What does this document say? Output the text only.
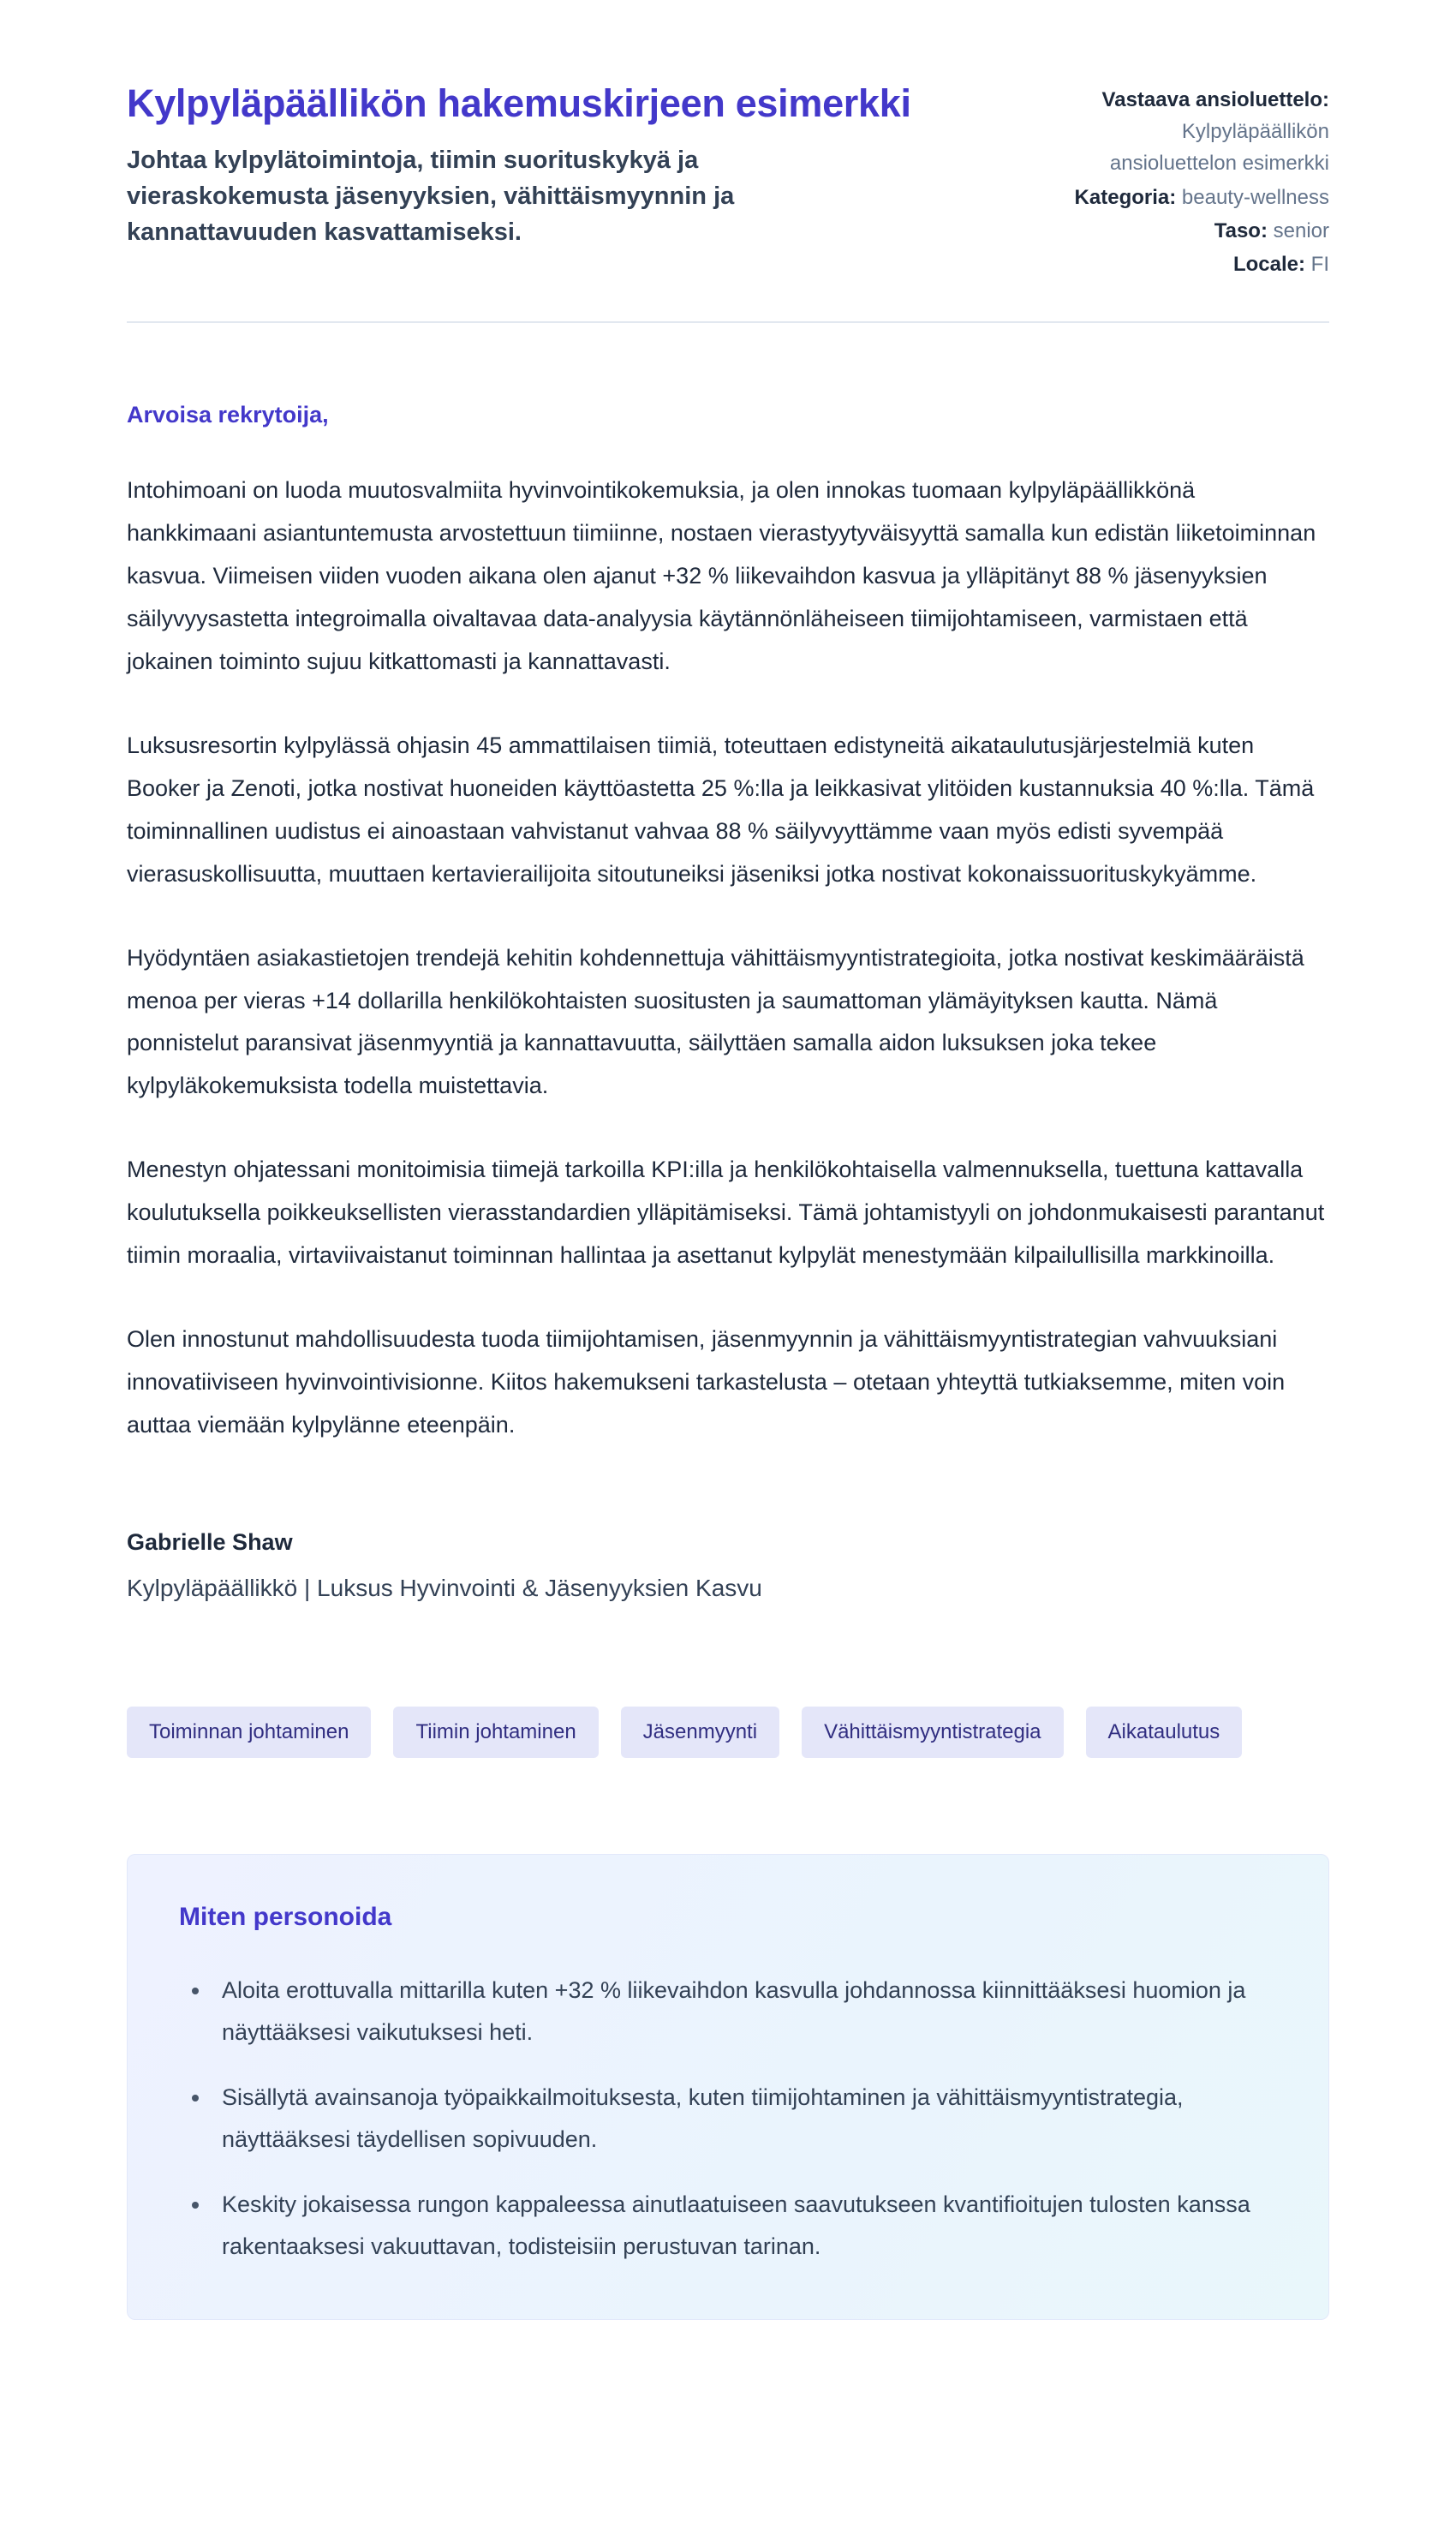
Kylpyläpäällikön hakemuskirjeen esimerkki
Johtaa kylpylätoimintoja, tiimin suorituskykyä ja vieraskokemusta jäsenyyksien, vähittäismyynnin ja kannattavuuden kasvattamiseksi.
Vastaava ansioluettelo:
Kylpyläpäällikön ansioluettelon esimerkki
Kategoria: beauty-wellness
Taso: senior
Locale: FI
Arvoisa rekrytoija,

Intohimoani on luoda muutosvalmiita hyvinvointikokemuksia, ja olen innokas tuomaan kylpyläpäällikkönä hankkimaani asiantuntemusta arvostettuun tiimiinne, nostaen vierastyytyväisyyttä samalla kun edistän liiketoiminnan kasvua. Viimeisen viiden vuoden aikana olen ajanut +32 % liikevaihdon kasvua ja ylläpitänyt 88 % jäsenyyksien säilyvyysastetta integroimalla oivaltavaa data-analyysia käytännönläheiseen tiimijohtamiseen, varmistaen että jokainen toiminto sujuu kitkattomasti ja kannattavasti.

Luksusresortin kylpylässä ohjasin 45 ammattilaisen tiimiä, toteuttaen edistyneitä aikataulutusjärjestelmiä kuten Booker ja Zenoti, jotka nostivat huoneiden käyttöastetta 25 %:lla ja leikkasivat ylitöiden kustannuksia 40 %:lla. Tämä toiminnallinen uudistus ei ainoastaan vahvistanut vahvaa 88 % säilyvyyttämme vaan myös edisti syvempää vierasuskollisuutta, muuttaen kertavierailijoita sitoutuneiksi jäseniksi jotka nostivat kokonaissuorituskykyämme.

Hyödyntäen asiakastietojen trendejä kehitin kohdennettuja vähittäismyyntistrategioita, jotka nostivat keskimääräistä menoa per vieras +14 dollarilla henkilökohtaisten suositusten ja saumattoman ylämäyityksen kautta. Nämä ponnistelut paransivat jäsenmyyntiä ja kannattavuutta, säilyttäen samalla aidon luksuksen joka tekee kylpyläkokemuksista todella muistettavia.

Menestyn ohjatessani monitoimisia tiimejä tarkoilla KPI:illa ja henkilökohtaisella valmennuksella, tuettuna kattavalla koulutuksella poikkeuksellisten vierasstandardien ylläpitämiseksi. Tämä johtamistyyli on johdonmukaisesti parantanut tiimin moraalia, virtaviivaistanut toiminnan hallintaa ja asettanut kylpylät menestymään kilpailullisilla markkinoilla.

Olen innostunut mahdollisuudesta tuoda tiimijohtamisen, jäsenmyynnin ja vähittäismyyntistrategian vahvuuksiani innovatiiviseen hyvinvointivisionne. Kiitos hakemukseni tarkastelusta – otetaan yhteyttä tutkiaksemme, miten voin auttaa viemään kylpylänne eteenpäin.

Gabrielle Shaw
Kylpyläpäällikkö | Luksus Hyvinvointi & Jäsenyyksien Kasvu
Toiminnan johtaminen	Tiimin johtaminen	Jäsenmyynti	Vähittäismyyntistrategia	Aikataulutus
Miten personoida
• Aloita erottuvalla mittarilla kuten +32 % liikevaihdon kasvulla johdannossa kiinnittääksesi huomion ja näyttääksesi vaikutuksesi heti.
• Sisällytä avainsanoja työpaikkailmoituksesta, kuten tiimijohtaminen ja vähittäismyyntistrategia, näyttääksesi täydellisen sopivuuden.
• Keskity jokaisessa rungon kappaleessa ainutlaatuiseen saavutukseen kvantifioitujen tulosten kanssa rakentaaksesi vakuuttavan, todisteisiin perustuvan tarinan.
